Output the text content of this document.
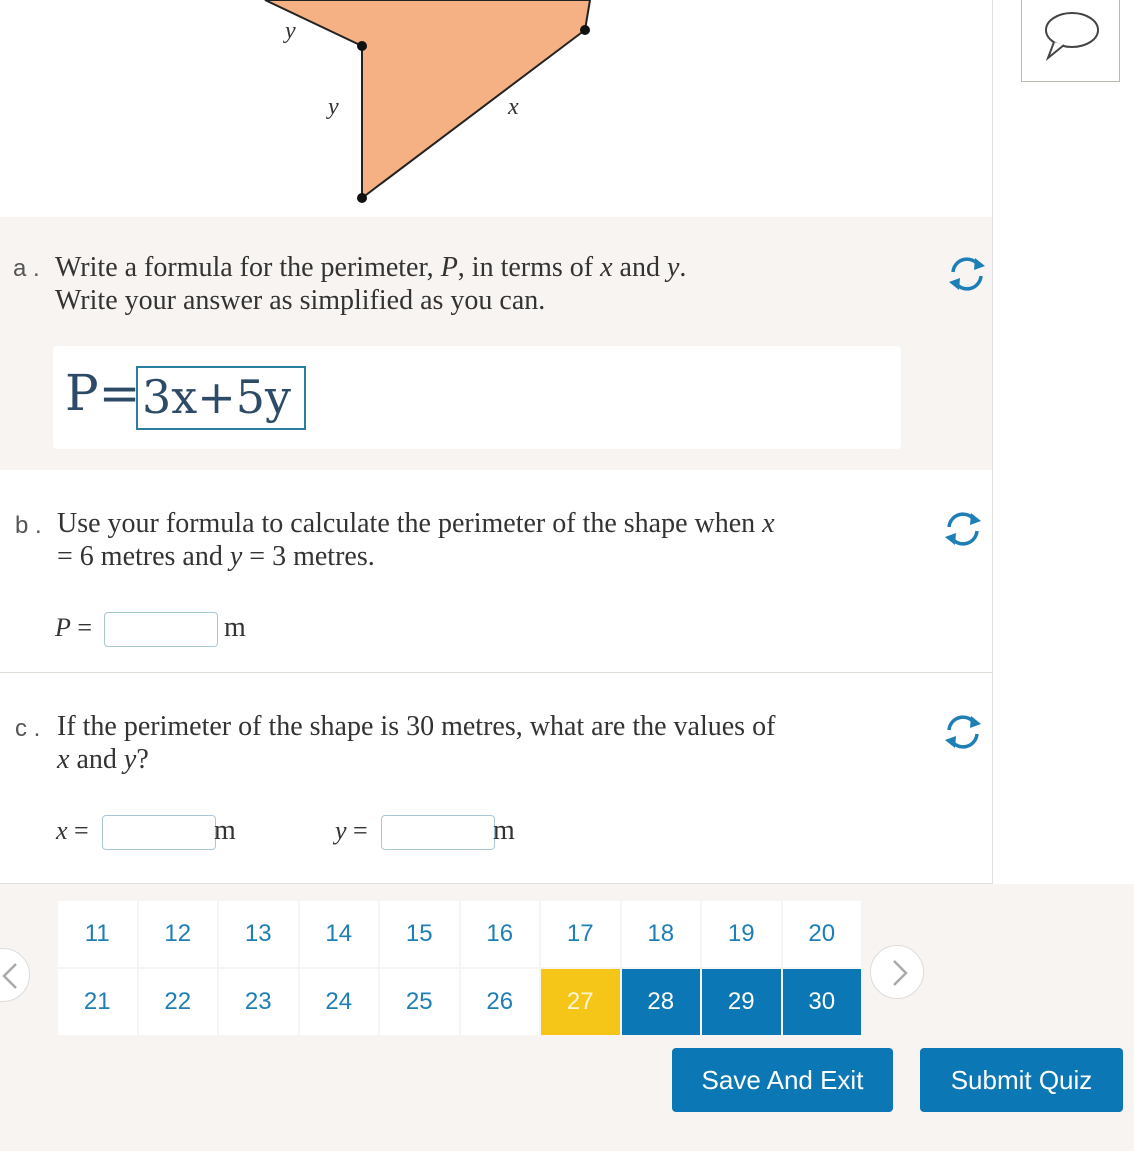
y
y	x
a . Write a formula for the perimeter, P, in terms of x and y.
Write your answer as simplified as you can.
P= 3x+5y
b . Use your formula to calculate the perimeter of the shape when x
= 6 metres and y = 3 metres.
P =	m
c . If the perimeter of the shape is 30 metres, what are the values of
x and y?
x =	m	y =	m
11	12	13	14	15	16	17	18	19	20
21	22	23	24	25	26	27	28	29	30
Save And Exit	Submit Quiz
